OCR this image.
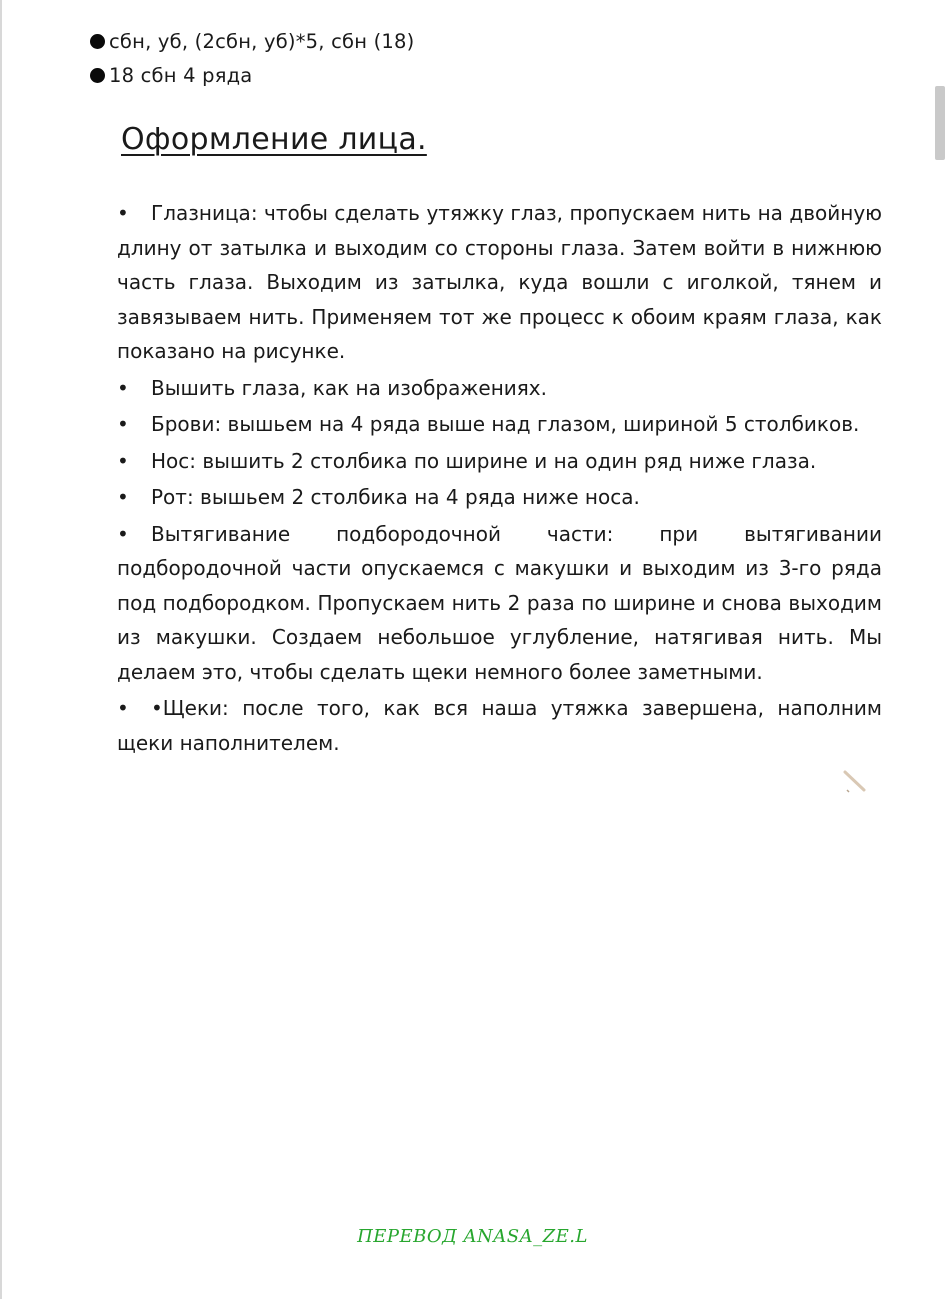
сбн, уб, (2сбн, уб)*5, сбн (18)
18 сбн 4 ряда
Оформление лица.
• Глазница: чтобы сделать утяжку глаз, пропускаем нить на двойную длину от затылка и выходим со стороны глаза. Затем войти в нижнюю часть глаза. Выходим из затылка, куда вошли с иголкой, тянем и завязываем нить. Применяем тот же процесс к обоим краям глаза, как показано на рисунке.
• Вышить глаза, как на изображениях.
• Брови: вышьем на 4 ряда выше над глазом, шириной 5 столбиков.
• Нос: вышить 2 столбика по ширине и на один ряд ниже глаза.
• Рот: вышьем 2 столбика на 4 ряда ниже носа.
• Вытягивание подбородочной части: при вытягивании подбородочной части опускаемся с макушки и выходим из 3-го ряда под подбородком. Пропускаем нить 2 раза по ширине и снова выходим из макушки. Создаем небольшое углубление, натягивая нить. Мы делаем это, чтобы сделать щеки немного более заметными.
• •Щеки: после того, как вся наша утяжка завершена, наполним щеки наполнителем.
ПЕРЕВОД ANASA_ZE.L
